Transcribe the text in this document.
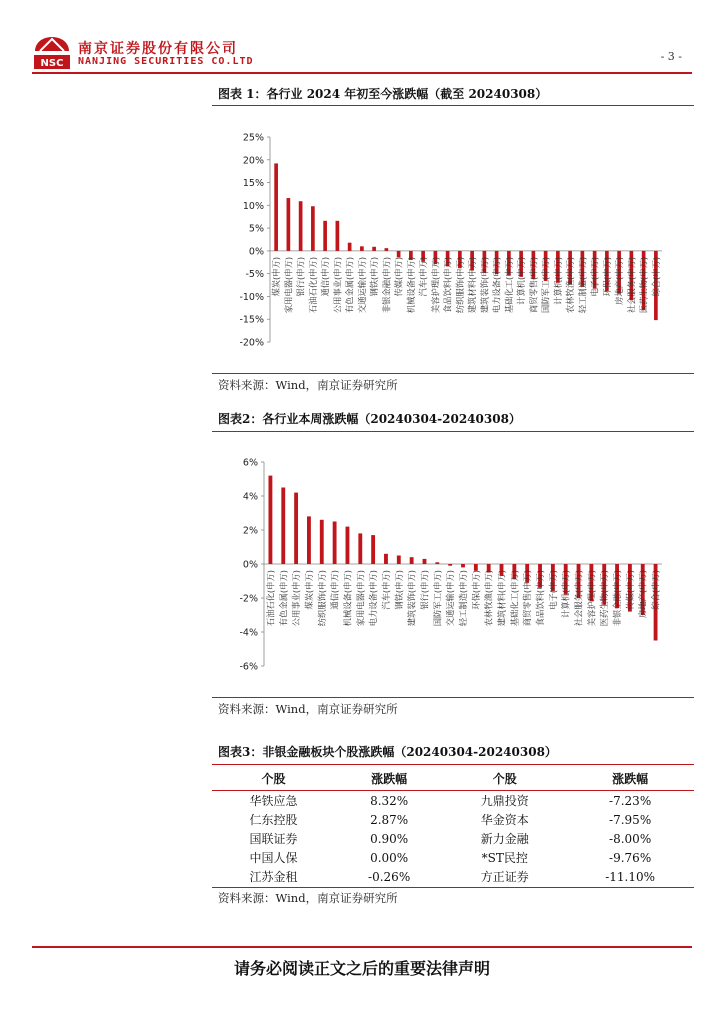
NSC
南京证券股份有限公司
NANJING SECURITIES CO.LTD	- 3 -
图表 1：各行业 2024 年初至今涨跌幅（截至 20240308）
25%
20%
15%
10%
5%
0%
-5%
-10%
-15%
-20%
煤炭(申万) 家用电器(申万) 银行(申万) 石油石化(申万) 通信(申万) 公用事业(申万) 有色金属(申万) 交通运输(申万) 钢铁(申万) 非银金融(申万) 传媒(申万) 机械设备(申万) 汽车(申万) 美容护理(申万) 食品饮料(申万) 纺织服饰(申万) 建筑材料(申万) 建筑装饰(申万) 电力设备(申万) 基础化工(申万) 计算机(申万) 商贸零售(申万) 国防军工(申万) 计算机(申万) 农林牧渔(申万) 轻工制造(申万) 电子(申万) 环保(申万) 房地产(申万) 社会服务(申万) 医药生物(申万) 综合(申万)
资料来源：Wind，南京证券研究所
图表2：各行业本周涨跌幅（20240304-20240308）
6%
4%
2%
0%
-2%
-4%
-6%
石油石化(申万) 有色金属(申万) 公用事业(申万) 煤炭(申万) 纺织服饰(申万) 通信(申万) 机械设备(申万) 家用电器(申万) 电力设备(申万) 汽车(申万) 钢铁(申万) 建筑装饰(申万) 银行(申万) 国防军工(申万) 交通运输(申万) 轻工制造(申万) 环保(申万) 农林牧渔(申万) 建筑材料(申万) 基础化工(申万) 商贸零售(申万) 食品饮料(申万) 电子(申万) 计算机(申万) 社会服务(申万) 美容护理(申万) 医药生物(申万) 非银金融(申万) 传媒(申万) 房地产(申万) 综合(申万)
资料来源：Wind，南京证券研究所
图表3：非银金融板块个股涨跌幅（20240304-20240308）
个股	涨跌幅	个股	涨跌幅

华铁应急	8.32%	九鼎投资	-7.23%
仁东控股	2.87%	华金资本	-7.95%
国联证券	0.90%	新力金融	-8.00%
中国人保	0.00%	*ST民控	-9.76%
江苏金租	-0.26%	方正证券	-11.10%
资料来源：Wind，南京证券研究所
请务必阅读正文之后的重要法律声明
